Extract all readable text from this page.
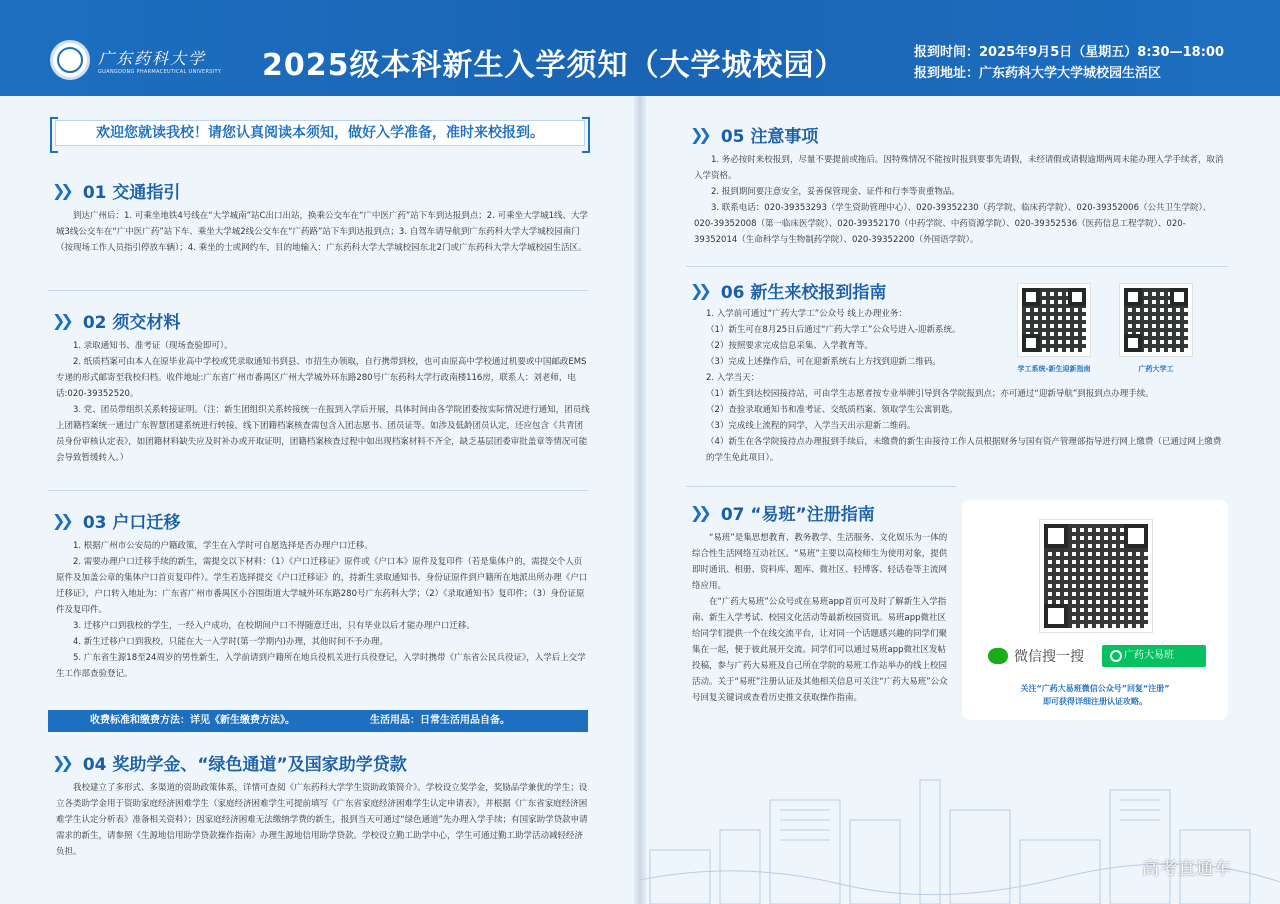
广东药科大学
GUANGDONG PHARMACEUTICAL UNIVERSITY 2025级本科新生入学须知（大学城校园）	报到时间：2025年9月5日（星期五）8:30—18:00
报到地址：广东药科大学大学城校园生活区
欢迎您就读我校！请您认真阅读本须知，做好入学准备，准时来校报到。
❯❯ 01 交通指引

到达广州后：1. 可乘坐地铁4号线在“大学城南”站C出口出站，换乘公交车在“广中医广药”站下车到达报到点；2. 可乘坐大学城1线、大学城3线公交车在“广中医广药”站下车、乘坐大学城2线公交车在“广药路”站下车到达报到点；3. 自驾车请导航到广东药科大学大学城校园南门（按现场工作人员指引停放车辆）；4. 乘坐的士或网约车，目的地输入：广东药科大学大学城校园东北2门或广东药科大学大学城校园生活区。

❯❯ 02 须交材料

1. 录取通知书、准考证（现场查验即可）。

2. 纸质档案可由本人在原毕业高中学校或凭录取通知书到县、市招生办领取，自行携带到校，也可由原高中学校通过机要或中国邮政EMS专递的形式邮寄至我校归档。收件地址:广东省广州市番禺区广州大学城外环东路280号广东药科大学行政南楼116房，联系人：刘老师，电话:020-39352520。

3. 党、团员带组织关系转接证明。（注：新生团组织关系转接统一在报到入学后开展，具体时间由各学院团委按实际情况进行通知，团员线上团籍档案统一通过广东智慧团建系统进行转接，线下团籍档案核查需包含入团志愿书、团员证等。如涉及低龄团员认定，还应包含《共青团员身份审核认定表》，如团籍材料缺失应及时补办或开取证明，团籍档案核查过程中如出现档案材料不齐全，缺乏基层团委审批盖章等情况可能会导致暂缓转入。）

❯❯ 03 户口迁移

1. 根据广州市公安局的户籍政策，学生在入学时可自愿选择是否办理户口迁移。

2. 需要办理户口迁移手续的新生，需提交以下材料：（1）《户口迁移证》原件或《户口本》原件及复印件（若是集体户的，需提交个人页原件及加盖公章的集体户口首页复印件）。学生若选择提交《户口迁移证》的，持新生录取通知书、身份证原件到户籍所在地派出所办理《户口迁移证》，户口转入地址为：广东省广州市番禺区小谷围街道大学城外环东路280号广东药科大学；（2）《录取通知书》复印件；（3）身份证原件及复印件。

3. 迁移户口到我校的学生，一经入户成功，在校期间户口不得随意迁出，只有毕业以后才能办理户口迁移。

4. 新生迁移户口到我校，只能在大一入学时(第一学期内)办理，其他时间不予办理。

5. 广东省生源18至24周岁的男性新生，入学前请到户籍所在地兵役机关进行兵役登记，入学时携带《广东省公民兵役证》，入学后上交学生工作部查验登记。

收费标准和缴费方法：详见《新生缴费方法》。	生活用品：日常生活用品自备。
❯❯ 04 奖助学金、“绿色通道”及国家助学贷款

我校建立了多形式、多渠道的资助政策体系，详情可查阅《广东药科大学学生资助政策简介》。学校设立奖学金，奖励品学兼优的学生；设立各类助学金用于资助家庭经济困难学生（家庭经济困难学生可提前填写《广东省家庭经济困难学生认定申请表》，并根据《广东省家庭经济困难学生认定分析表》准备相关资料）；因家庭经济困难无法缴纳学费的新生，报到当天可通过“绿色通道”先办理入学手续；有国家助学贷款申请需求的新生，请参照《生源地信用助学贷款操作指南》办理生源地信用助学贷款。学校设立勤工助学中心，学生可通过勤工助学活动减轻经济负担。

❯❯ 05 注意事项

1. 务必按时来校报到，尽量不要提前或拖后。因特殊情况不能按时报到要事先请假，未经请假或请假逾期两周未能办理入学手续者，取消入学资格。

2. 报到期间要注意安全，妥善保管现金、证件和行李等贵重物品。

3. 联系电话：020-39353293（学生资助管理中心）、020-39352230（药学院、临床药学院）、020-39352006（公共卫生学院）、020-39352008（第一临床医学院）、020-39352170（中药学院、中药资源学院）、020-39352536（医药信息工程学院）、020-39352014（生命科学与生物制药学院）、020-39352200（外国语学院）。

❯❯ 06 新生来校报到指南

1. 入学前可通过“广药大学工”公众号 线上办理业务：

（1）新生可在8月25日后通过“广药大学工”公众号进入-迎新系统。

（2）按照要求完成信息采集、入学教育等。

（3）完成上述操作后，可在迎新系统右上方找到迎新二维码。

2. 入学当天：

（1）新生到达校园接待站，可由学生志愿者按专业举牌引导到各学院报到点；亦可通过“迎新导航”到报到点办理手续。

（2）查验录取通知书和准考证、交纸质档案、领取学生公寓钥匙。

（3）完成线上流程的同学，入学当天出示迎新二维码。

（4）新生在各学院接待点办理报到手续后，未缴费的新生由接待工作人员根据财务与国有资产管理部指导进行网上缴费（已通过网上缴费的学生免此项目）。

学工系统-新生迎新指南	广药大学工
❯❯ 07 “易班”注册指南

“易班”是集思想教育、教务教学、生活服务、文化娱乐为一体的综合性生活网络互动社区。“易班”主要以高校师生为使用对象，提供即时通讯、相册、资料库、题库、微社区、轻博客、轻话卷等主流网络应用。

在“广药大易班”公众号或在易班app首页可及时了解新生入学指南、新生入学考试、校园文化活动等最新校园资讯。易班app微社区给同学们提供一个在线交流平台，让对同一个话题感兴趣的同学们聚集在一起，便于彼此展开交流。同学们可以通过易班app微社区发帖投稿，参与广药大易班及自己所在学院的易班工作站举办的线上校园活动。关于“易班”注册认证及其他相关信息可关注“广药大易班”公众号回复关键词或查看历史推文获取操作指南。

微信搜一搜	广药大易班
关注“广药大易班微信公众号”回复“注册”
即可获得详细注册认证攻略。
高考直通车
